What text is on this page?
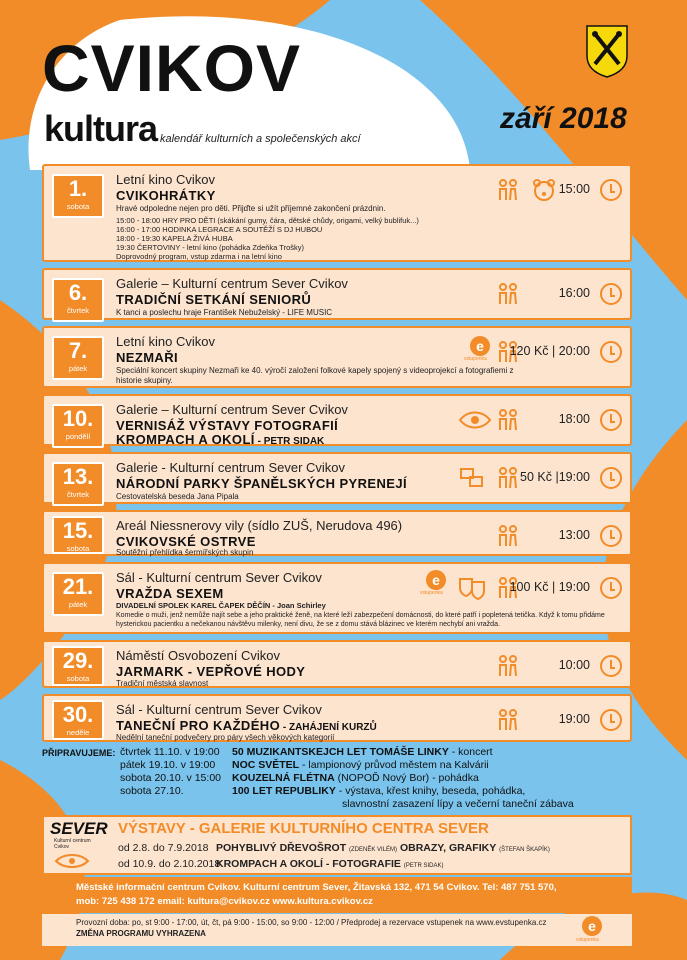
CVIKOV
kultura kalendář kulturních a společenských akcí
září 2018
1.
sobota
Letní kino Cvikov
CVIKOHRÁTKY
Hravé odpoledne nejen pro děti. Přijďte si užít příjemné zakončení prázdnin.
15:00 - 18:00 HRY PRO DĚTI (skákání gumy, čára, dětské chůdy, origami, velký bublifuk...)
16:00 - 17:00 HODINKA LEGRACE A SOUTĚŽÍ S DJ HUBOU
18:00 - 19:30 KAPELA ŽIVÁ HUBA
19:30 ČERTOVINY - letní kino (pohádka Zdeňka Trošky)
Doprovodný program, vstup zdarma i na letní kino
15:00
6.
čtvrtek
Galerie – Kulturní centrum Sever Cvikov
TRADIČNÍ SETKÁNÍ SENIORŮ
K tanci a poslechu hraje František Nebuželský - LIFE MUSIC
16:00
7.
pátek
Letní kino Cvikov
NEZMAŘI
Speciální koncert skupiny Nezmaři ke 40. výročí založení folkové kapely spojený s videoprojekcí a fotografiemi z historie skupiny.
e
vstupenka
120 Kč | 20:00
10.
pondělí
Galerie – Kulturní centrum Sever Cvikov
VERNISÁŽ VÝSTAVY FOTOGRAFIÍ
KROMPACH A OKOLÍ - PETR SIDAK
18:00
13.
čtvrtek
Galerie - Kulturní centrum Sever Cvikov
NÁRODNÍ PARKY ŠPANĚLSKÝCH PYRENEJÍ
Cestovatelská beseda Jana Pipala
50 Kč |19:00
15.
sobota
Areál Niessnerovy vily (sídlo ZUŠ, Nerudova 496)
CVIKOVSKÉ OSTRVE
Soutěžní přehlídka šermířských skupin
13:00
21.
pátek
Sál - Kulturní centrum Sever Cvikov
VRAŽDA SEXEM
DIVADELNÍ SPOLEK KAREL ČAPEK DĚČÍN - Joan Schirley
Komedie o muži, jenž nemůže najít sebe a jeho praktické ženě, na které leží zabezpečení domácnosti, do které patří i popletená tetička. Když k tomu přidáme hysterickou pacientku a nečekanou návštěvu milenky, není divu, že se z domu stává blázinec ve kterém nechybí ani vražda.
e
vstupenka	100 Kč | 19:00
29.
sobota
Náměstí Osvobození Cvikov
JARMARK - VEPŘOVÉ HODY
Tradiční městská slavnost
10:00
30.
neděle
Sál - Kulturní centrum Sever Cvikov
TANEČNÍ PRO KAŽDÉHO - ZAHÁJENÍ KURZŮ
Nedělní taneční podvečery pro páry všech věkových kategorií
19:00
PŘIPRAVUJEME: čtvrtek 11.10. v 19:00 50 MUZIKANTSKEJCH LET TOMÁŠE LINKY - koncert
pátek 19.10. v 19:00 NOC SVĚTEL - lampionový průvod městem na Kalvárii
sobota 20.10. v 15:00 KOUZELNÁ FLÉTNA (NOPOĎ Nový Bor) - pohádka
sobota 27.10.	100 LET REPUBLIKY - výstava, křest knihy, beseda, pohádka,
slavnostní zasazení lípy a večerní taneční zábava
SEVER
Kulturní centrum Cvikov
VÝSTAVY - GALERIE KULTURNÍHO CENTRA SEVER
od 2.8. do 7.9.2018 POHYBLIVÝ DŘEVOŠROT (ZDENĚK VILÉM) OBRAZY, GRAFIKY (ŠTEFAN ŠKAPÍK)
od 10.9. do 2.10.2018KROMPACH A OKOLÍ - FOTOGRAFIE (PETR SIDAK)
Městské informační centrum Cvikov. Kulturní centrum Sever, Žitavská 132, 471 54 Cvikov. Tel: 487 751 570,
mob: 725 438 172 email: kultura@cvikov.cz www.kultura.cvikov.cz
Provozní doba: po, st 9:00 - 17:00, út, čt, pá 9:00 - 15:00, so 9:00 - 12:00 / Předprodej a rezervace vstupenek na www.evstupenka.cz
ZMĚNA PROGRAMU VYHRAZENA	e
vstupenka
